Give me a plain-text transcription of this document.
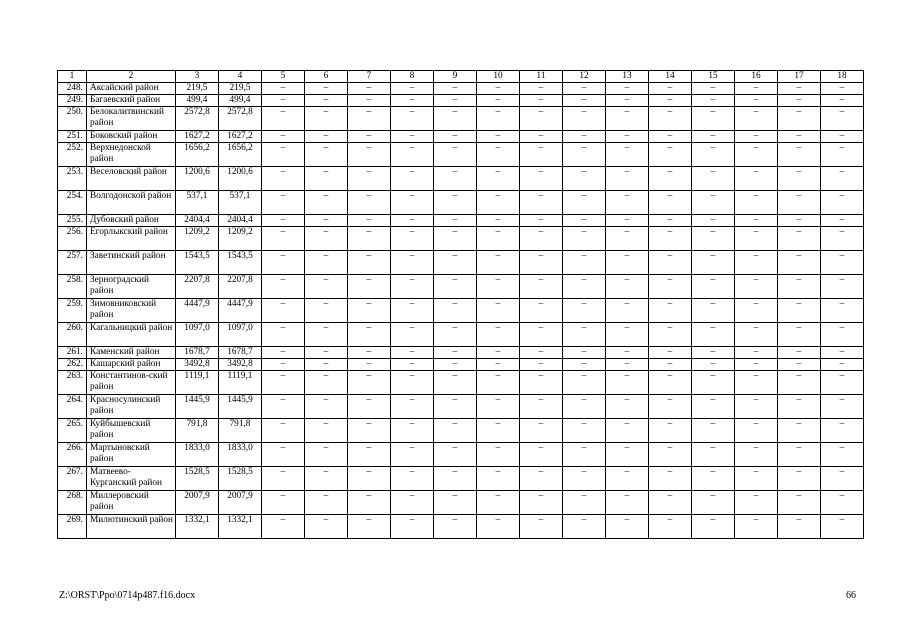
1	2	3	4	5	6	7	8	9	10	11	12	13	14	15	16	17	18
248.	Аксайский район	219,5	219,5	–	–	–	–	–	–	–	–	–	–	–	–	–	–
249.	Багаевский район	499,4	499,4	–	–	–	–	–	–	–	–	–	–	–	–	–	–
250.	Белокалитвинский район	2572,8	2572,8	–	–	–	–	–	–	–	–	–	–	–	–	–	–
251.	Боковский район	1627,2	1627,2	–	–	–	–	–	–	–	–	–	–	–	–	–	–
252.	Верхнедонской район	1656,2	1656,2	–	–	–	–	–	–	–	–	–	–	–	–	–	–
253.	Веселовский район	1200,6	1200,6	–	–	–	–	–	–	–	–	–	–	–	–	–	–
254.	Волгодонской район	537,1	537,1	–	–	–	–	–	–	–	–	–	–	–	–	–	–
255.	Дубовский район	2404,4	2404,4	–	–	–	–	–	–	–	–	–	–	–	–	–	–
256.	Егорлыкский район	1209,2	1209,2	–	–	–	–	–	–	–	–	–	–	–	–	–	–
257.	Заветинский район	1543,5	1543,5	–	–	–	–	–	–	–	–	–	–	–	–	–	–
258.	Зерноградский район	2207,8	2207,8	–	–	–	–	–	–	–	–	–	–	–	–	–	–
259.	Зимовниковский район	4447,9	4447,9	–	–	–	–	–	–	–	–	–	–	–	–	–	–
260.	Кагальницкий район	1097,0	1097,0	–	–	–	–	–	–	–	–	–	–	–	–	–	–
261.	Каменский район	1678,7	1678,7	–	–	–	–	–	–	–	–	–	–	–	–	–	–
262.	Кашарский район	3492,8	3492,8	–	–	–	–	–	–	–	–	–	–	–	–	–	–
263.	Константинов-ский район	1119,1	1119,1	–	–	–	–	–	–	–	–	–	–	–	–	–	–
264.	Красносулинский район	1445,9	1445,9	–	–	–	–	–	–	–	–	–	–	–	–	–	–
265.	Куйбышевский район	791,8	791,8	–	–	–	–	–	–	–	–	–	–	–	–	–	–
266.	Мартыновский район	1833,0	1833,0	–	–	–	–	–	–	–	–	–	–	–	–	–	–
267.	Матвеево-Курганский район	1528,5	1528,5	–	–	–	–	–	–	–	–	–	–	–	–	–	–
268.	Миллеровский район	2007,9	2007,9	–	–	–	–	–	–	–	–	–	–	–	–	–	–
269.	Милютинский район	1332,1	1332,1	–	–	–	–	–	–	–	–	–	–	–	–	–	–
Z:\ORST\Ppo\0714p487.f16.docx	66
